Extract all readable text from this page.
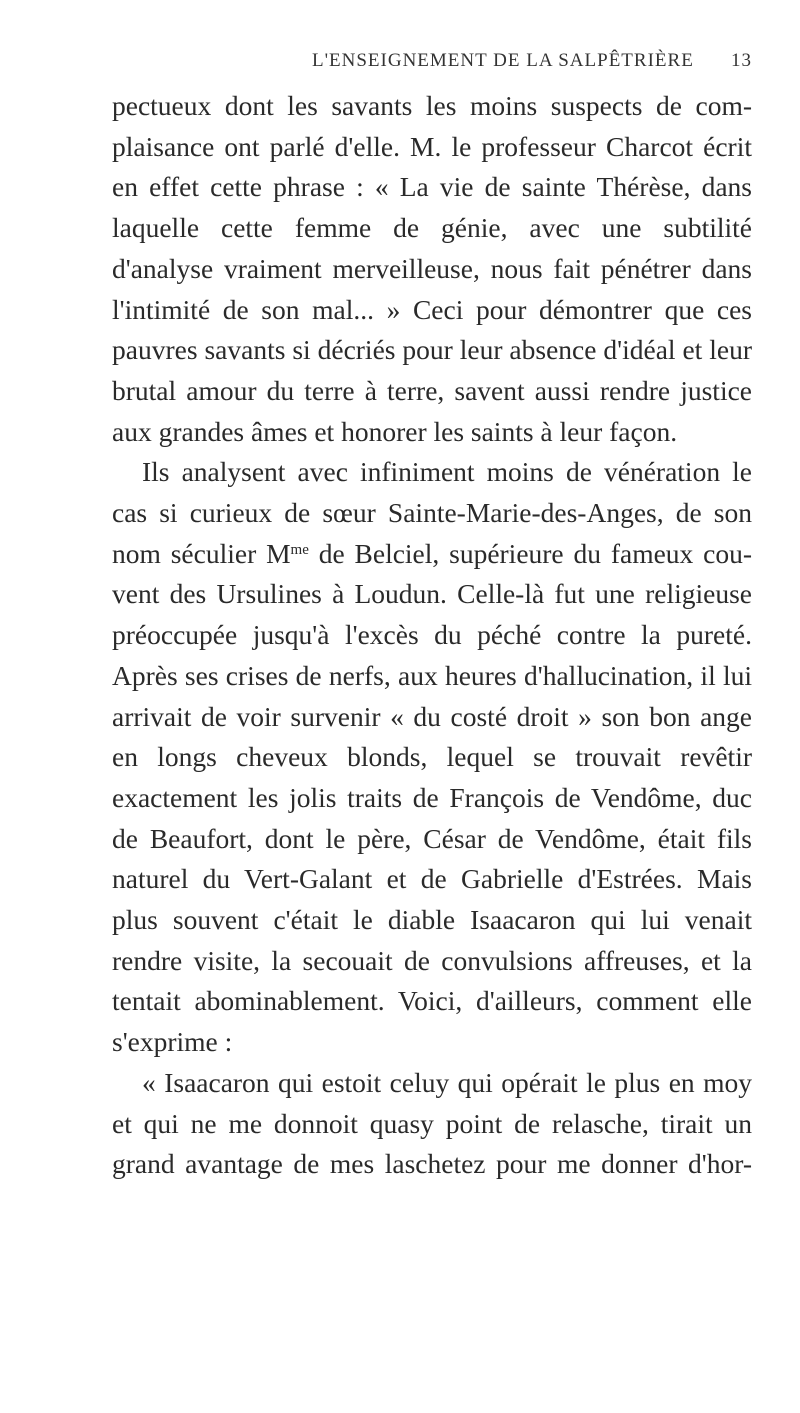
L'ENSEIGNEMENT DE LA SALPÊTRIÈRE 13

pectueux dont les savants les moins suspects de com- plaisance ont parlé d'elle. M. le professeur Charcot écrit en effet cette phrase : « La vie de sainte Thérèse, dans laquelle cette femme de génie, avec une subtilité d'analyse vraiment merveilleuse, nous fait pénétrer dans l'intimité de son mal... » Ceci pour démontrer que ces pauvres savants si décriés pour leur absence d'idéal et leur brutal amour du terre à terre, savent aussi rendre justice aux grandes âmes et honorer les saints à leur façon.

Ils analysent avec infiniment moins de vénération le cas si curieux de sœur Sainte-Marie-des-Anges, de son nom séculier $M^{me}$ de Belciel, supérieure du fameux cou- vent des Ursulines à Loudun. Celle-là fut une religieuse préoccupée jusqu'à l'excès du péché contre la pureté. Après ses crises de nerfs, aux heures d'hallucination, il lui arrivait de voir survenir « du costé droit » son bon ange en longs cheveux blonds, lequel se trouvait revêtir exactement les jolis traits de François de Vendôme, duc de Beaufort, dont le père, César de Vendôme, était fils naturel du Vert-Galant et de Gabrielle d'Estrées. Mais plus souvent c'était le diable Isaacaron qui lui venait rendre visite, la secouait de convulsions affreuses, et la tentait abominablement. Voici, d'ailleurs, comment elle s'exprime :

« Isaacaron qui estoit celuy qui opérait le plus en moy et qui ne me donnoit quasy point de relasche, tirait un grand avantage de mes laschetez pour me donner d'hor-
